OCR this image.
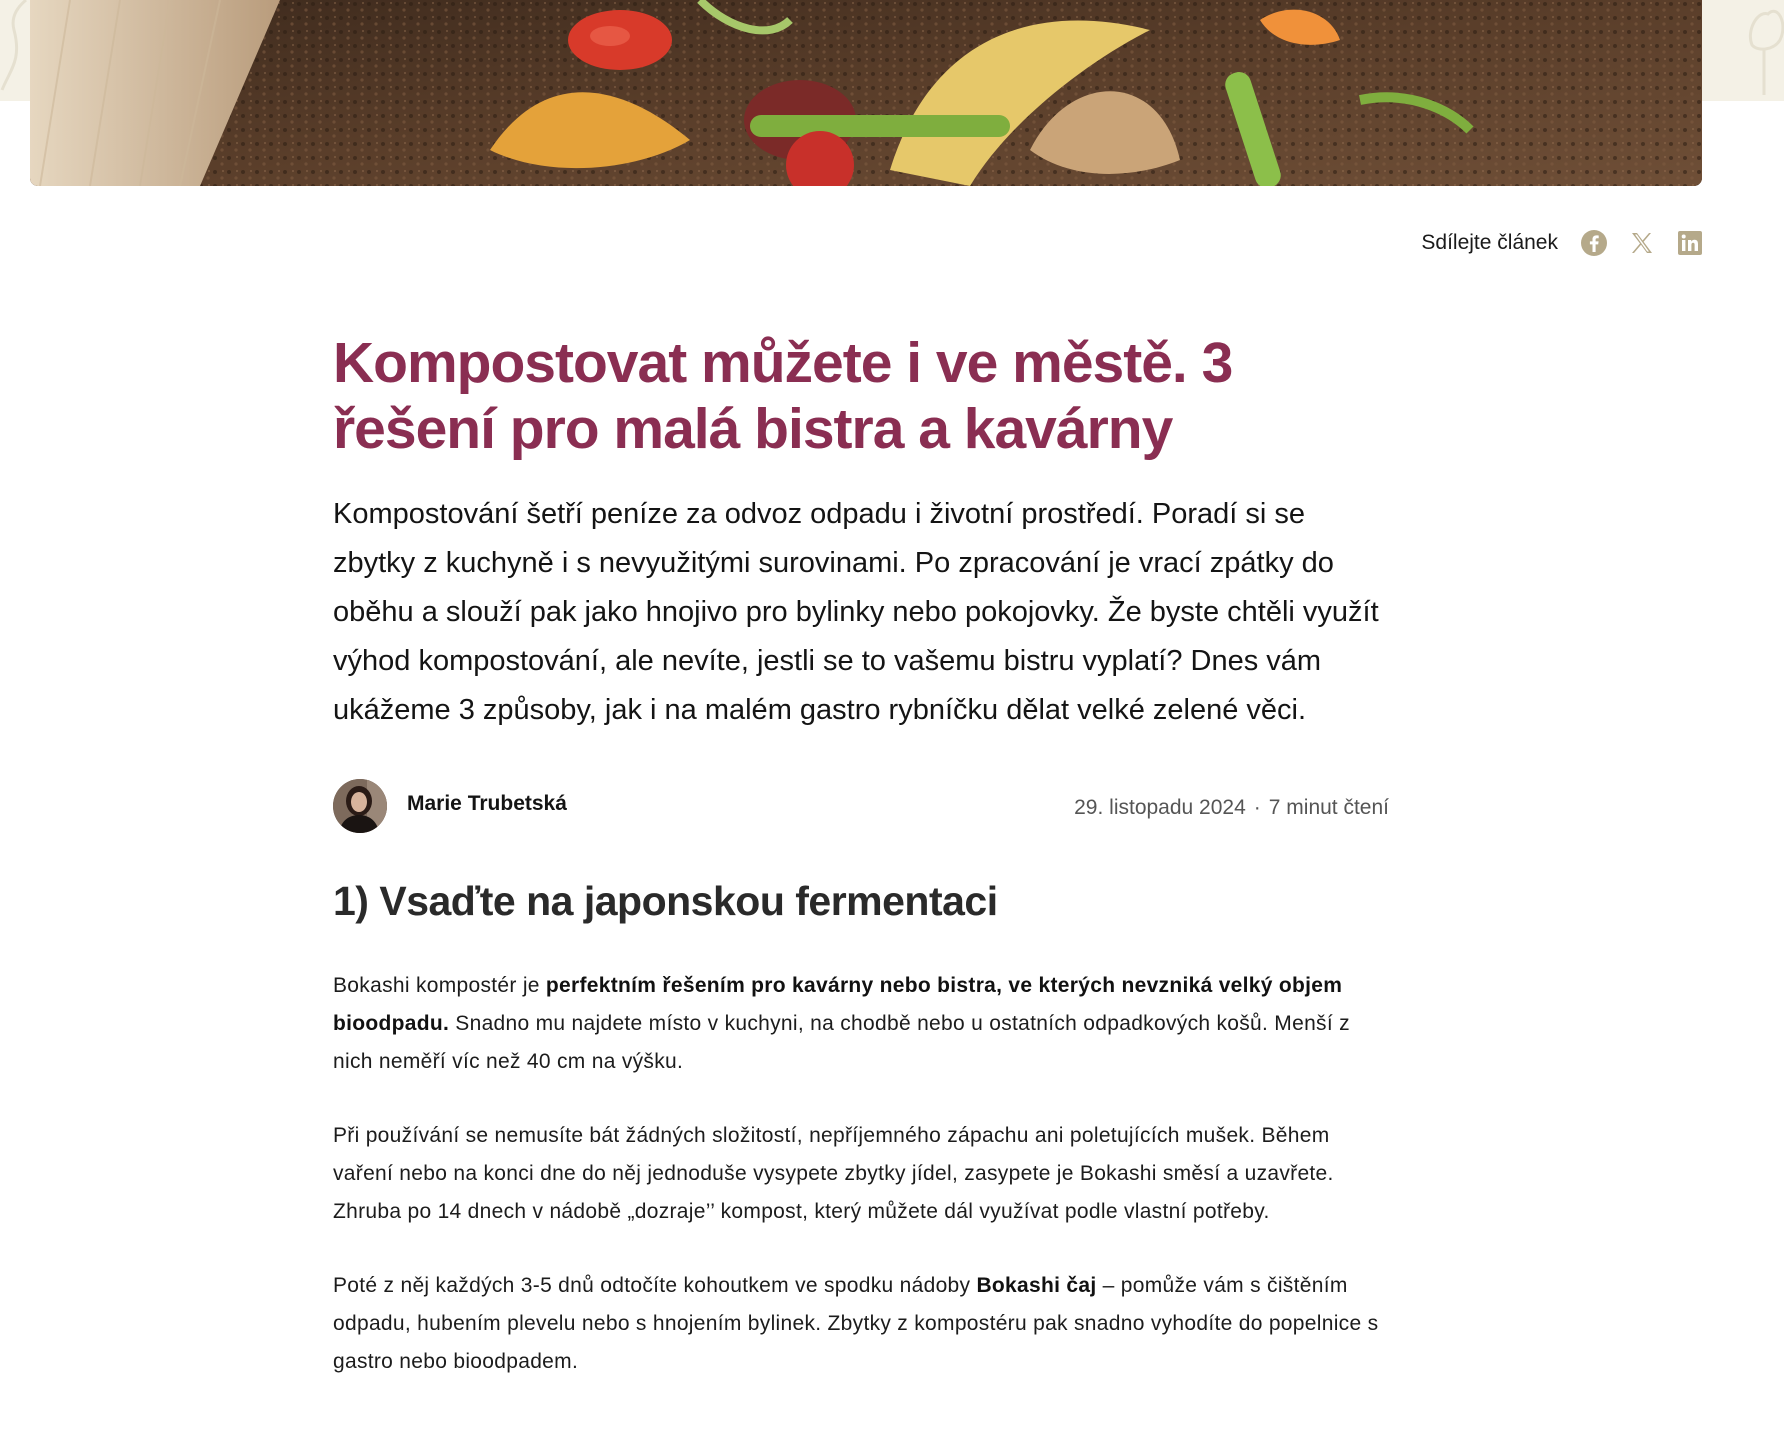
Sdílejte článek
Kompostovat můžete i ve městě. 3 řešení pro malá bistra a kavárny

Kompostování šetří peníze za odvoz odpadu i životní prostředí. Poradí si se zbytky z kuchyně i s nevyužitými surovinami. Po zpracování je vrací zpátky do oběhu a slouží pak jako hnojivo pro bylinky nebo pokojovky. Že byste chtěli využít výhod kompostování, ale nevíte, jestli se to vašemu bistru vyplatí? Dnes vám ukážeme 3 způsoby, jak i na malém gastro rybníčku dělat velké zelené věci.

Marie Trubetská	29. listopadu 2024 · 7 minut čtení
1) Vsaďte na japonskou fermentaci

Bokashi kompostér je perfektním řešením pro kavárny nebo bistra, ve kterých nevzniká velký objem bioodpadu. Snadno mu najdete místo v kuchyni, na chodbě nebo u ostatních odpadkových košů. Menší z nich neměří víc než 40 cm na výšku.

Při používání se nemusíte bát žádných složitostí, nepříjemného zápachu ani poletujících mušek. Během vaření nebo na konci dne do něj jednoduše vysypete zbytky jídel, zasypete je Bokashi směsí a uzavřete. Zhruba po 14 dnech v nádobě „dozraje’’ kompost, který můžete dál využívat podle vlastní potřeby.

Poté z něj každých 3-5 dnů odtočíte kohoutkem ve spodku nádoby Bokashi čaj – pomůže vám s čištěním odpadu, hubením plevelu nebo s hnojením bylinek. Zbytky z kompostéru pak snadno vyhodíte do popelnice s gastro nebo bioodpadem.
